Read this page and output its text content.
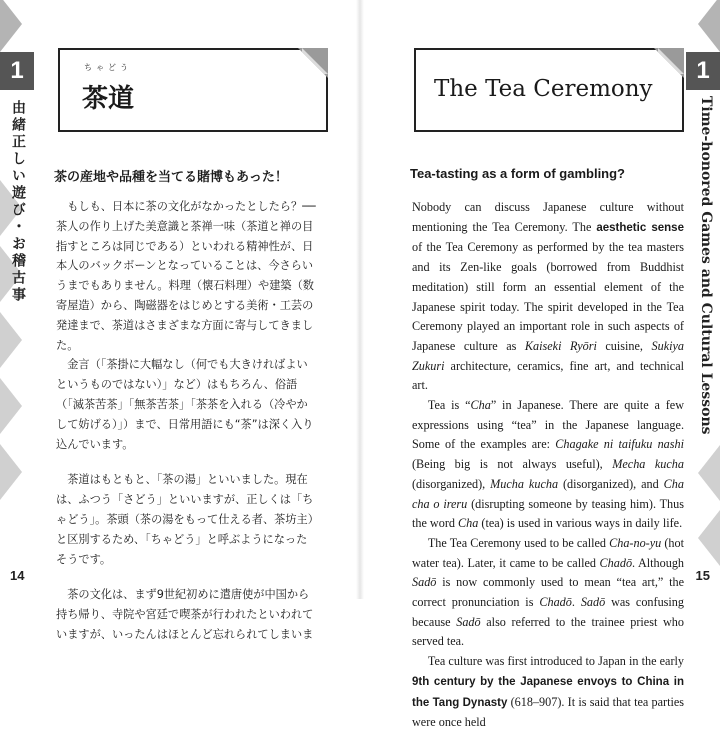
1
由緒正しい遊び・お稽古事
1
Time-honored Games and Cultural Lessons
ちゃどう
茶道	The Tea Ceremony
茶の産地や品種を当てる賭博もあった！	Tea-tasting as a form of gambling?

もしも、日本に茶の文化がなかったとしたら？──茶人の作り上げた美意識と茶禅一味（茶道と禅の目指すところは同じである）といわれる精神性が、日本人のバックボーンとなっていることは、今さらいうまでもありません。料理（懐石料理）や建築（数寄屋造）から、陶磁器をはじめとする美術・工芸の発達まで、茶道はさまざまな方面に寄与してきました。

金言（「茶掛に大幅なし（何でも大きければよいというものではない）」など）はもちろん、俗語（「滅茶苦茶」「無茶苦茶」「茶茶を入れる（冷やかして妨げる）」）まで、日常用語にも“茶”は深く入り込んでいます。

茶道はもともと、「茶の湯」といいました。現在は、ふつう「さどう」といいますが、正しくは「ちゃどう」。茶頭（茶の湯をもって仕える者、茶坊主）と区別するため、「ちゃどう」と呼ぶようになったそうです。

茶の文化は、まず9世紀初めに遣唐使が中国から持ち帰り、寺院や宮廷で喫茶が行われたといわれていますが、いったんはほとんど忘れられてしまいま

Nobody can discuss Japanese culture without mentioning the Tea Ceremony. The aesthetic sense of the Tea Ceremony as performed by the tea masters and its Zen-like goals (borrowed from Buddhist meditation) still form an essential element of the Japanese spirit today. The spirit developed in the Tea Ceremony played an important role in such aspects of Japanese culture as Kaiseki Ryōri cuisine, Sukiya Zukuri architecture, ceramics, fine art, and technical art.

Tea is “Cha” in Japanese. There are quite a few expressions using “tea” in the Japanese language. Some of the examples are: Chagake ni taifuku nashi (Being big is not always useful), Mecha kucha (disorganized), Mucha kucha (disorganized), and Cha cha o ireru (disrupting someone by teasing him). Thus the word Cha (tea) is used in various ways in daily life.

The Tea Ceremony used to be called Cha-no-yu (hot water tea). Later, it came to be called Chadō. Although Sadō is now commonly used to mean “tea art,” the correct pronunciation is Chadō. Sadō was confusing because Sadō also referred to the trainee priest who served tea.

Tea culture was first introduced to Japan in the early 9th century by the Japanese envoys to China in the Tang Dynasty (618–907). It is said that tea parties were once held

14	15
